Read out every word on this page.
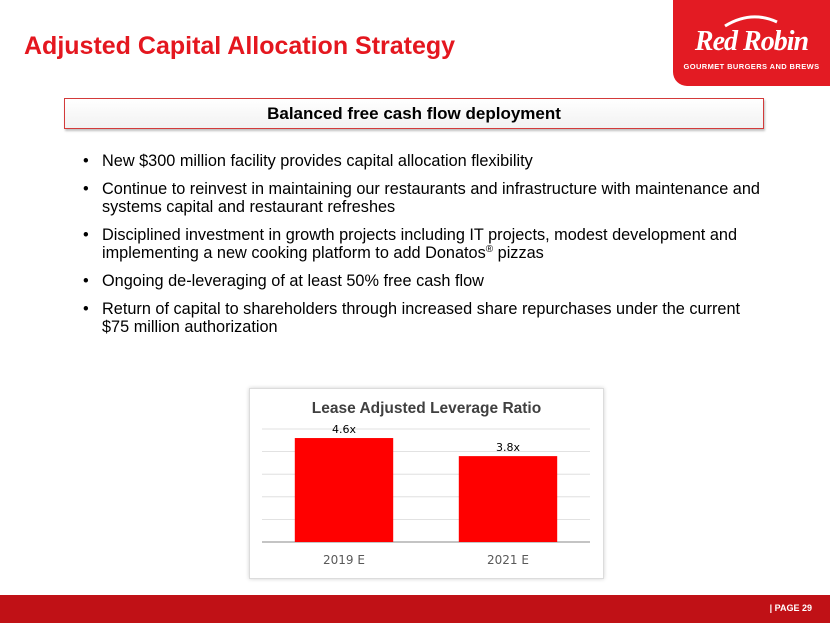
Adjusted Capital Allocation Strategy	Red Robin
GOURMET BURGERS AND BREWS
Balanced free cash flow deployment
• New $300 million facility provides capital allocation flexibility
• Continue to reinvest in maintaining our restaurants and infrastructure with maintenance and systems capital and restaurant refreshes
• Disciplined investment in growth projects including IT projects, modest development and implementing a new cooking platform to add Donatos® pizzas
• Ongoing de-leveraging of at least 50% free cash flow
• Return of capital to shareholders through increased share repurchases under the current $75 million authorization
Lease Adjusted Leverage Ratio
4.6x
2019 E
3.8x
2021 E
| PAGE 29
